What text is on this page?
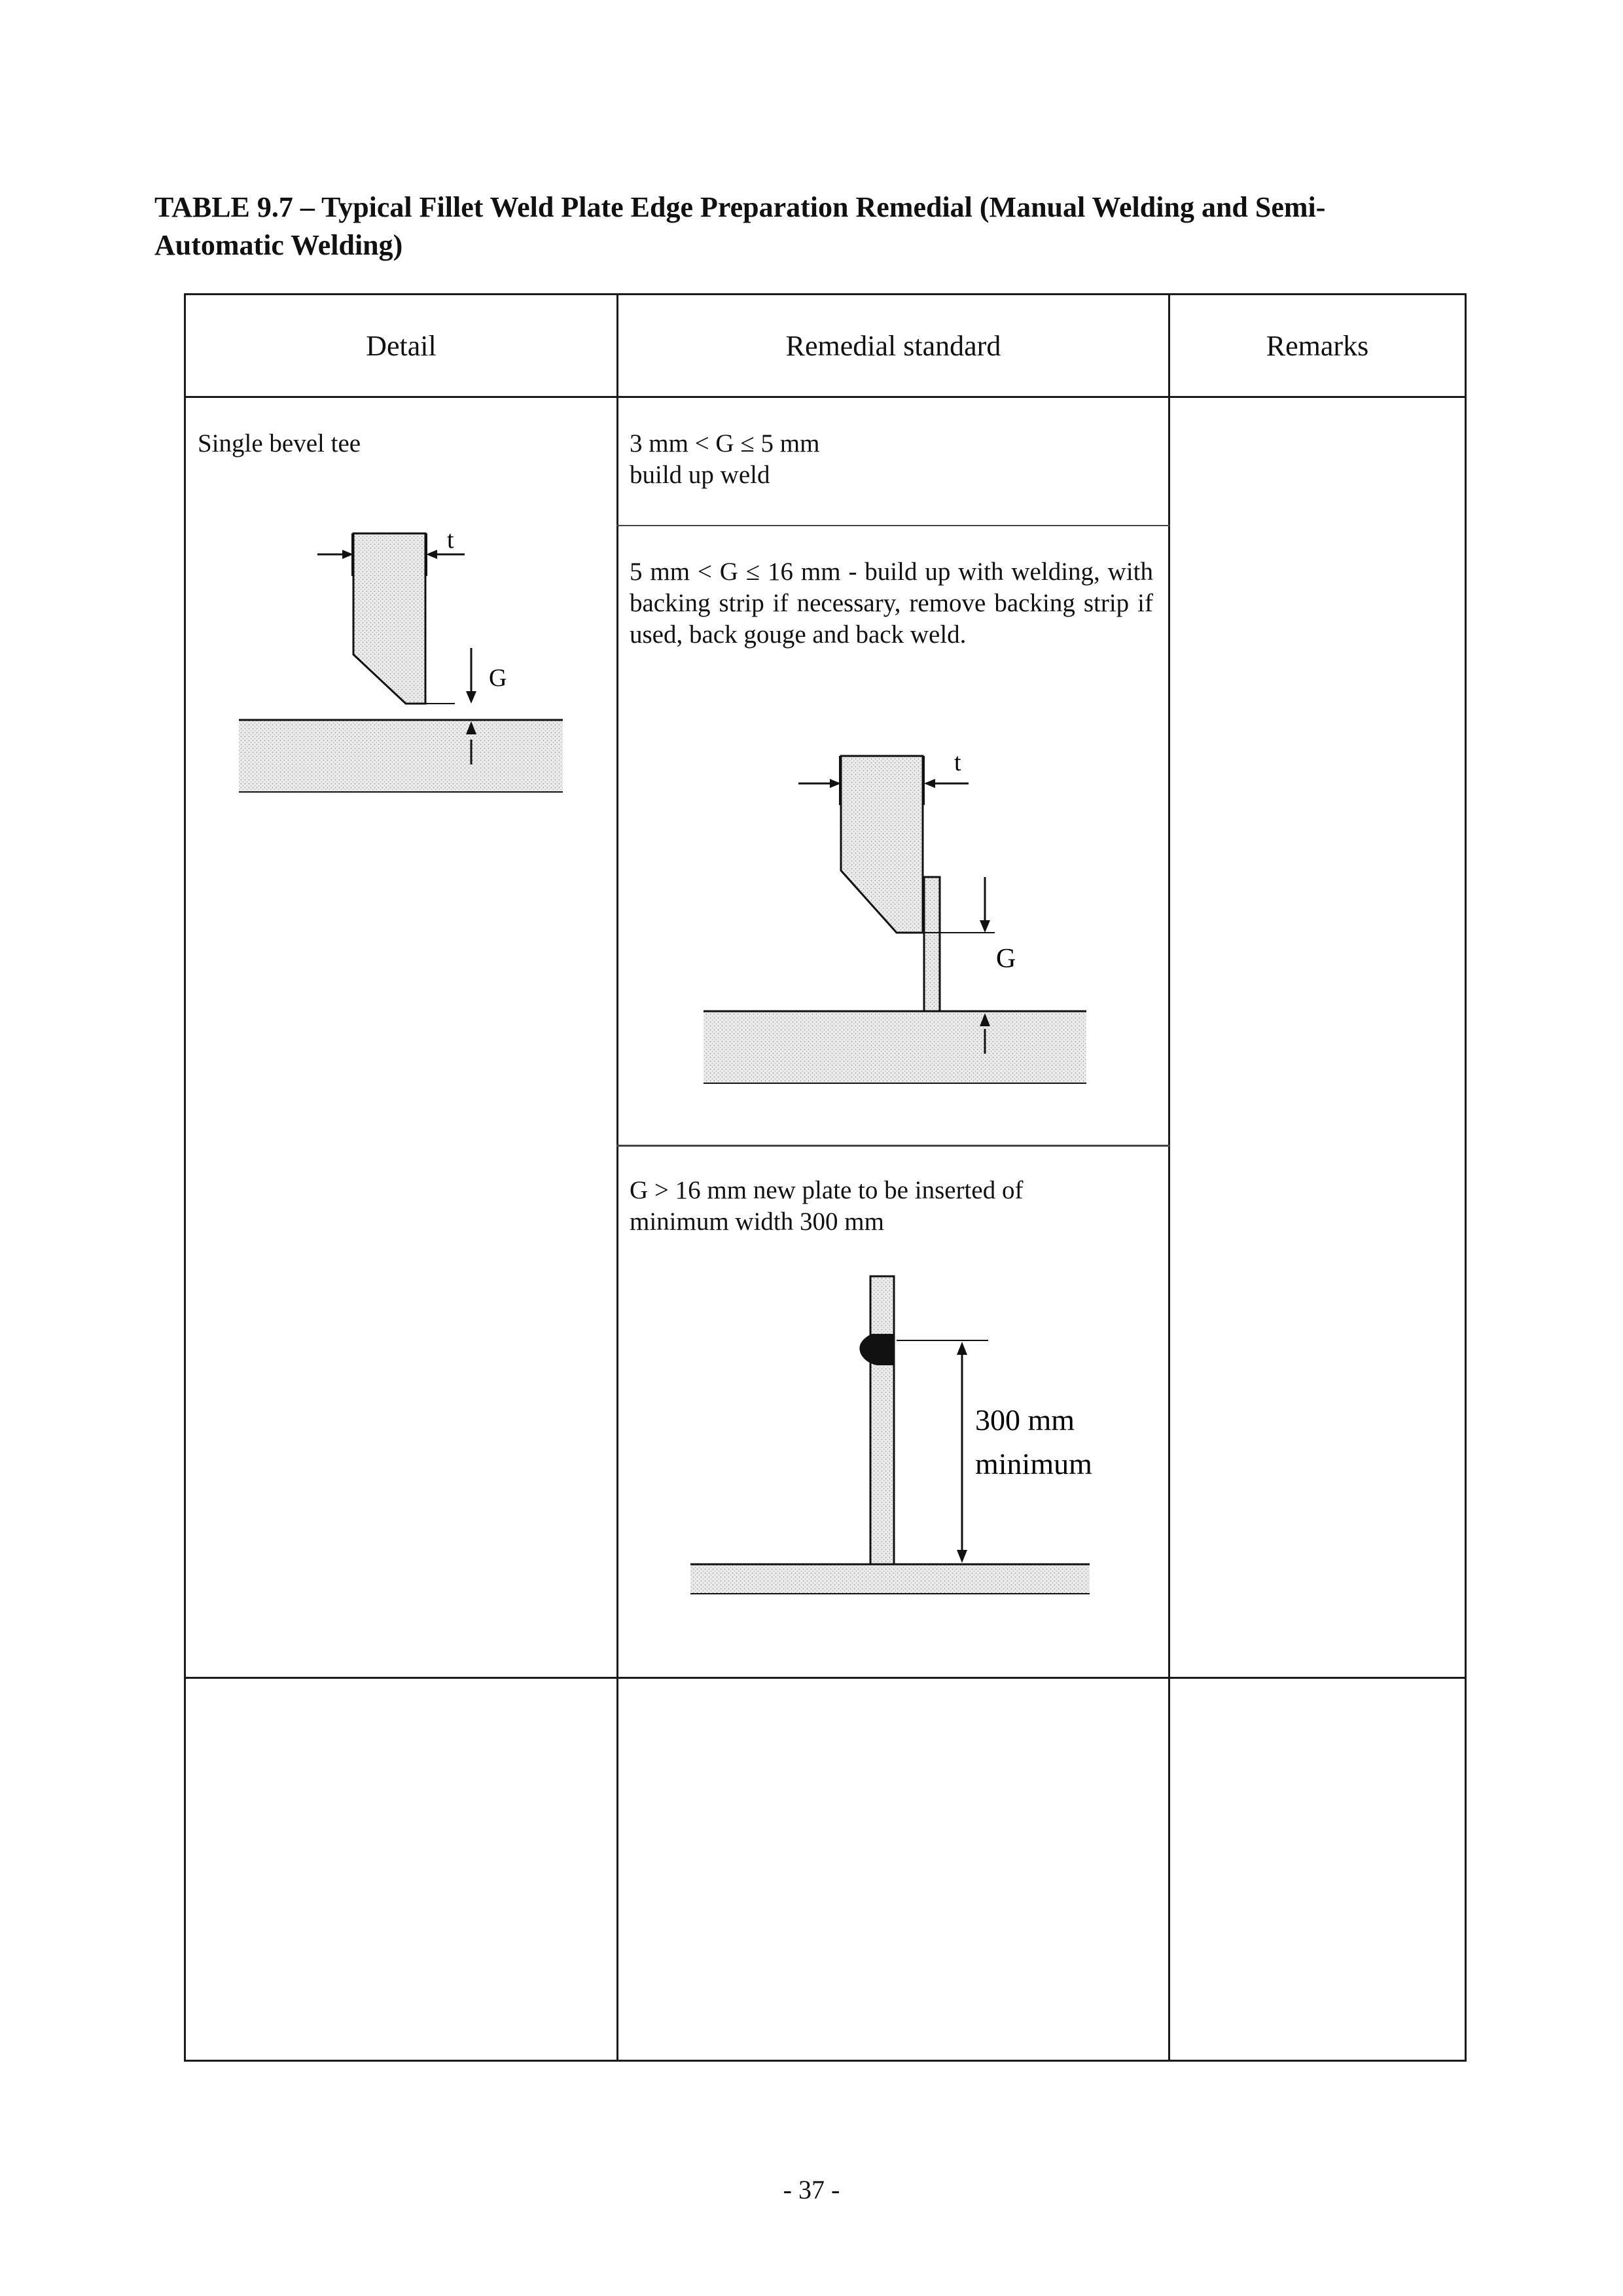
TABLE 9.7 – Typical Fillet Weld Plate Edge Preparation Remedial (Manual Welding and Semi-Automatic Welding)
Detail	Remedial standard	Remarks

Single bevel tee

t
G
3 mm < G ≤ 5 mm
build up weld

5 mm < G ≤ 16 mm - build up with welding, with backing strip if necessary, remove backing strip if used, back gouge and back weld.

t
G
G > 16 mm new plate to be inserted of
minimum width 300 mm
300 mm
minimum
- 37 -
